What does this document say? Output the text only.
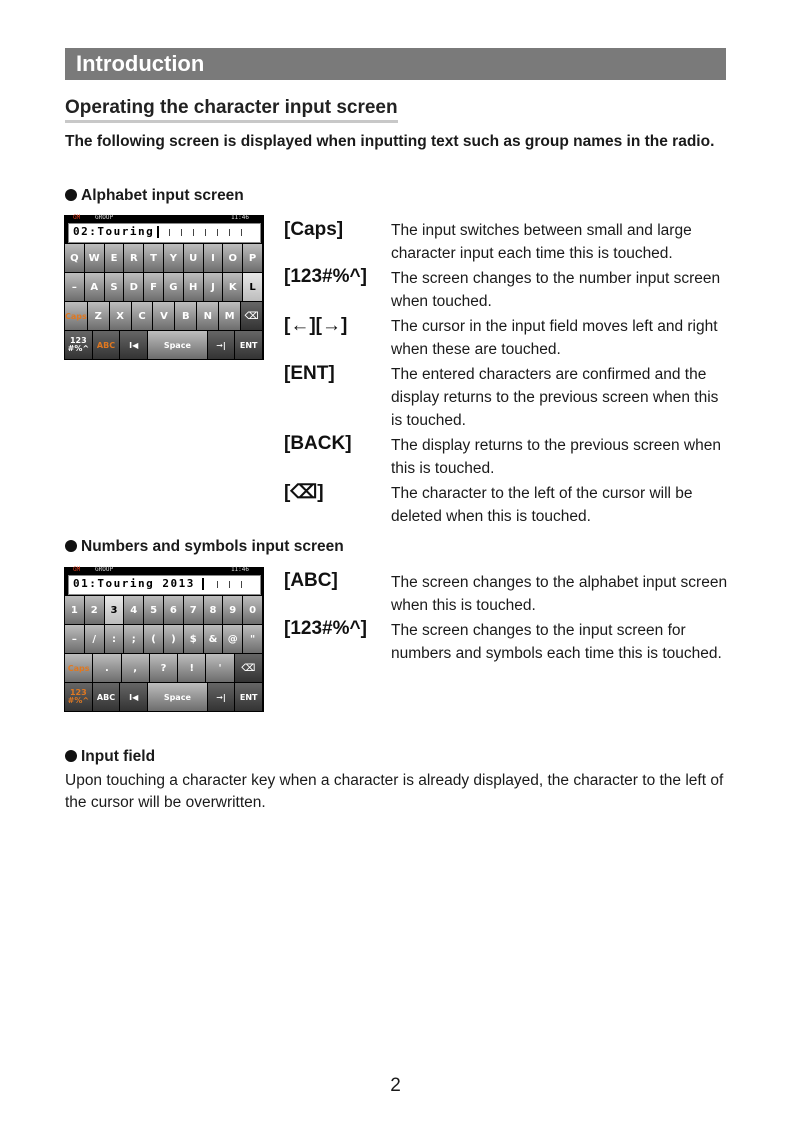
Introduction
Operating the character input screen
The following screen is displayed when inputting text such as group names in the radio.
Alphabet input screen
GM GROUP	11:46
02:Touring
Q	W	E	R	T	Y	U	I	O	P
–	A	S	D	F	G	H	J	K	L
Caps Z	X	C	V	B	N	M ⌫
123
#%^ ABC	I◀	Space	➞|	ENT
[Caps]	The input switches between small and large character input each time this is touched.
[123#%^] The screen changes to the number input screen when touched.
[←][→]	The cursor in the input field moves left and right when these are touched.
[ENT]	The entered characters are confirmed and the display returns to the previous screen when this is touched.
[BACK]	The display returns to the previous screen when this is touched.
[⌫]	The character to the left of the cursor will be deleted when this is touched.
Numbers and symbols input screen
GM GROUP	11:46
01:Touring 2013
1	2	3	4	5	6	7	8	9	0
–	/	:	;	(	)	$	&	@	"
Caps	.	,	?	!	'	⌫
123
#%^ ABC	I◀	Space	➞|	ENT
[ABC]	The screen changes to the alphabet input screen when this is touched.
[123#%^] The screen changes to the input screen for numbers and symbols each time this is touched.
Input field
Upon touching a character key when a character is already displayed, the character to the left of the cursor will be overwritten.
2
